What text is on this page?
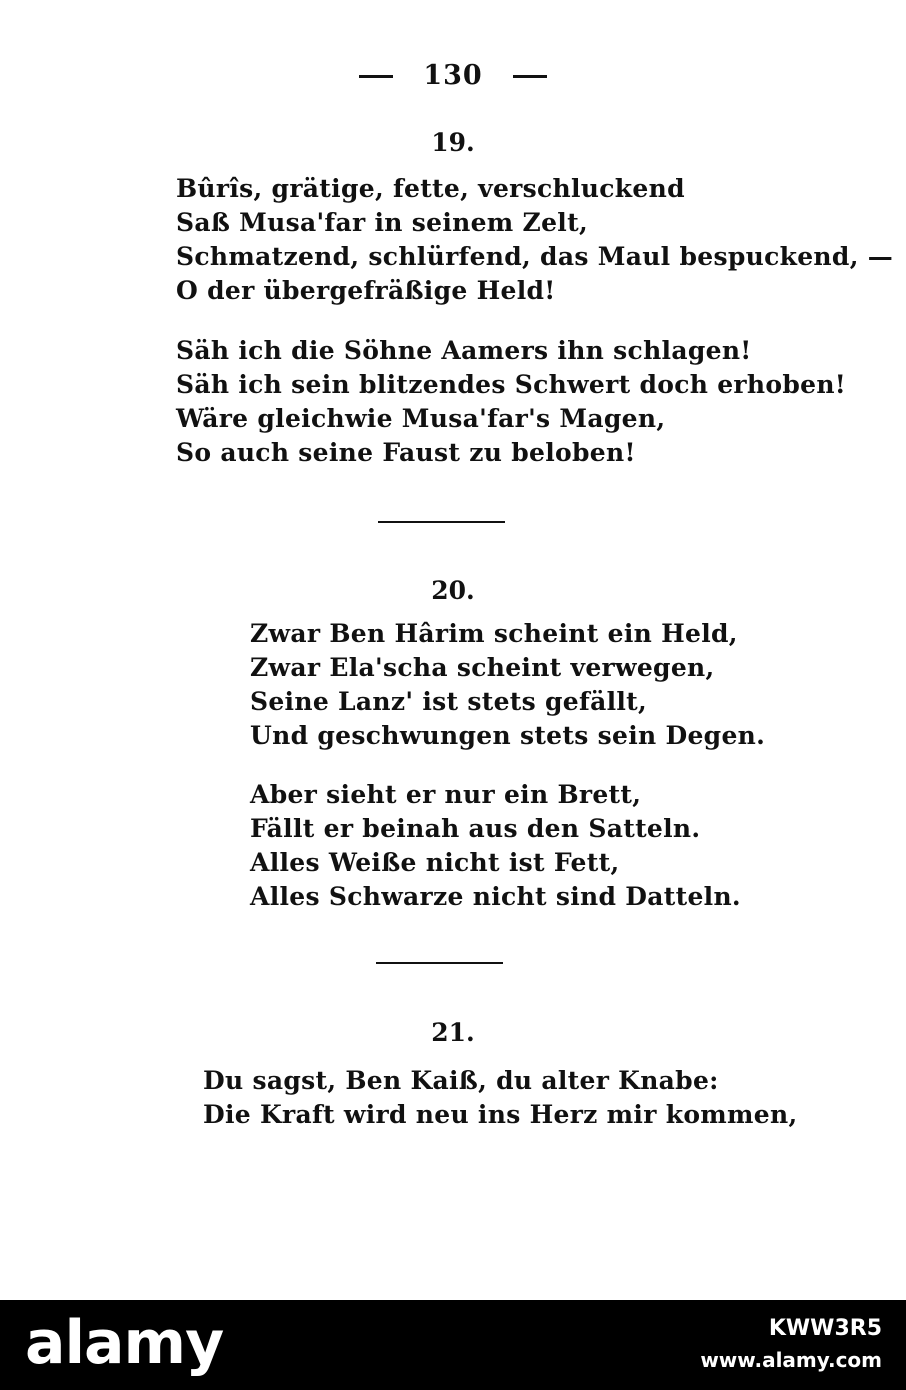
130
19.
Bûrîs, grätige, fette, verschluckend
Saß Musa'far in seinem Zelt,
Schmatzend, schlürfend, das Maul bespuckend, —
O der übergefräßige Held!
Säh ich die Söhne Aamers ihn schlagen!
Säh ich sein blitzendes Schwert doch erhoben!
Wäre gleichwie Musa'far's Magen,
So auch seine Faust zu beloben!
20.
Zwar Ben Hârim scheint ein Held,
Zwar Ela'scha scheint verwegen,
Seine Lanz' ist stets gefällt,
Und geschwungen stets sein Degen.
Aber sieht er nur ein Brett,
Fällt er beinah aus den Satteln.
Alles Weiße nicht ist Fett,
Alles Schwarze nicht sind Datteln.
21.
Du sagst, Ben Kaiß, du alter Knabe:
Die Kraft wird neu ins Herz mir kommen,
alamy	KWW3R5
www.alamy.com
